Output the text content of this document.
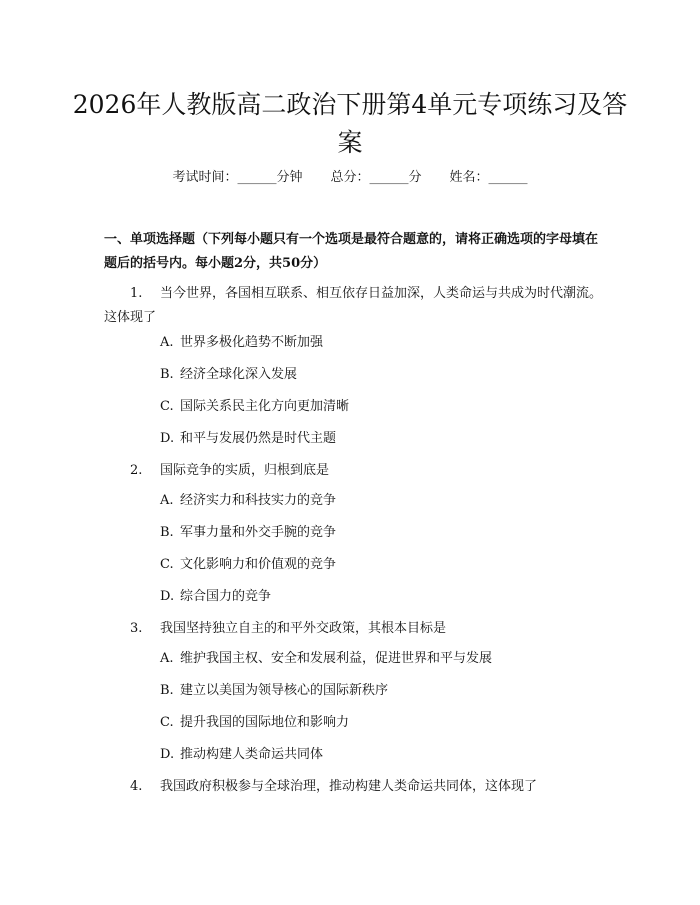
2026年人教版高二政治下册第4单元专项练习及答案
考试时间：______分钟 总分：______分 姓名：______
一、单项选择题（下列每小题只有一个选项是最符合题意的，请将正确选项的字母填在题后的括号内。每小题2分，共50分）
1. 当今世界，各国相互联系、相互依存日益加深，人类命运与共成为时代潮流。这体现了
A. 世界多极化趋势不断加强
B. 经济全球化深入发展
C. 国际关系民主化方向更加清晰
D. 和平与发展仍然是时代主题
2. 国际竞争的实质，归根到底是
A. 经济实力和科技实力的竞争
B. 军事力量和外交手腕的竞争
C. 文化影响力和价值观的竞争
D. 综合国力的竞争
3. 我国坚持独立自主的和平外交政策，其根本目标是
A. 维护我国主权、安全和发展利益，促进世界和平与发展
B. 建立以美国为领导核心的国际新秩序
C. 提升我国的国际地位和影响力
D. 推动构建人类命运共同体
4. 我国政府积极参与全球治理，推动构建人类命运共同体，这体现了
